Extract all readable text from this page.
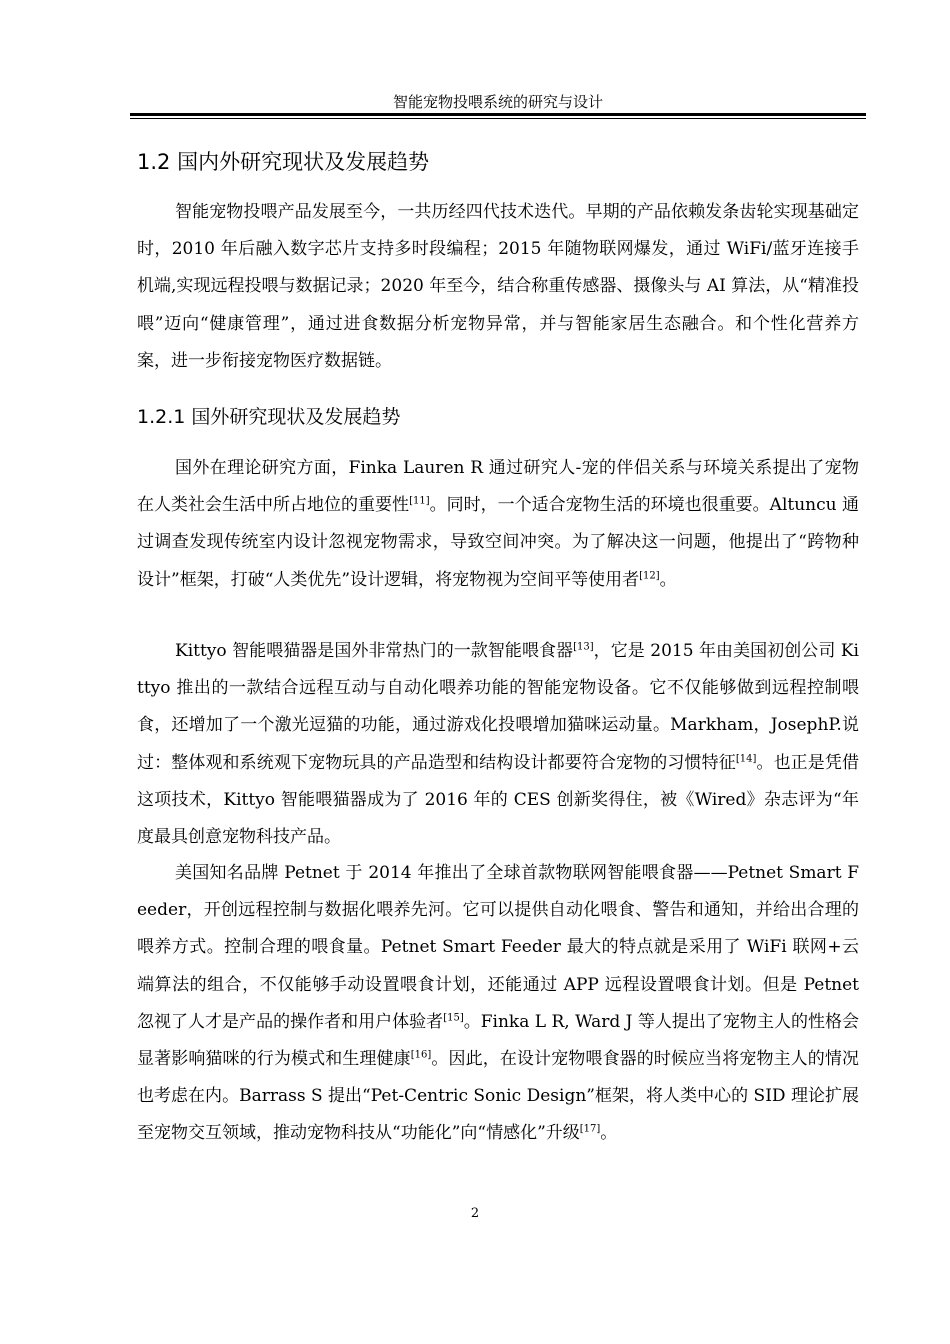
智能宠物投喂系统的研究与设计
1.2 国内外研究现状及发展趋势

智能宠物投喂产品发展至今，一共历经四代技术迭代。早期的产品依赖发条齿轮实现基础定时，2010 年后融入数字芯片支持多时段编程；2015 年随物联网爆发，通过 WiFi/蓝牙连接手机端,实现远程投喂与数据记录；2020 年至今，结合称重传感器、摄像头与 AI 算法，从“精准投喂”迈向“健康管理”，通过进食数据分析宠物异常，并与智能家居生态融合。和个性化营养方案，进一步衔接宠物医疗数据链。

1.2.1 国外研究现状及发展趋势

国外在理论研究方面，Finka Lauren R 通过研究人-宠的伴侣关系与环境关系提出了宠物在人类社会生活中所占地位的重要性[11]。同时，一个适合宠物生活的环境也很重要。Altuncu 通过调查发现传统室内设计忽视宠物需求，导致空间冲突。为了解决这一问题，他提出了“跨物种设计”框架，打破“人类优先”设计逻辑，将宠物视为空间平等使用者[12]。

Kittyo 智能喂猫器是国外非常热门的一款智能喂食器[13]，它是 2015 年由美国初创公司 Kittyo 推出的一款结合远程互动与自动化喂养功能的智能宠物设备。它不仅能够做到远程控制喂食，还增加了一个激光逗猫的功能，通过游戏化投喂增加猫咪运动量。Markham，JosephP.说过：整体观和系统观下宠物玩具的产品造型和结构设计都要符合宠物的习惯特征[14]。也正是凭借这项技术，Kittyo 智能喂猫器成为了 2016 年的 CES 创新奖得住，被《Wired》杂志评为“年度最具创意宠物科技产品。

美国知名品牌 Petnet 于 2014 年推出了全球首款物联网智能喂食器——Petnet Smart Feeder，开创远程控制与数据化喂养先河。它可以提供自动化喂食、警告和通知，并给出合理的喂养方式。控制合理的喂食量。Petnet Smart Feeder 最大的特点就是采用了 WiFi 联网+云端算法的组合，不仅能够手动设置喂食计划，还能通过 APP 远程设置喂食计划。但是 Petnet 忽视了人才是产品的操作者和用户体验者[15]。Finka L R, Ward J 等人提出了宠物主人的性格会显著影响猫咪的行为模式和生理健康[16]。因此，在设计宠物喂食器的时候应当将宠物主人的情况也考虑在内。Barrass S 提出“Pet-Centric Sonic Design”框架，将人类中心的 SID 理论扩展至宠物交互领域，推动宠物科技从“功能化”向“情感化”升级[17]。

2
